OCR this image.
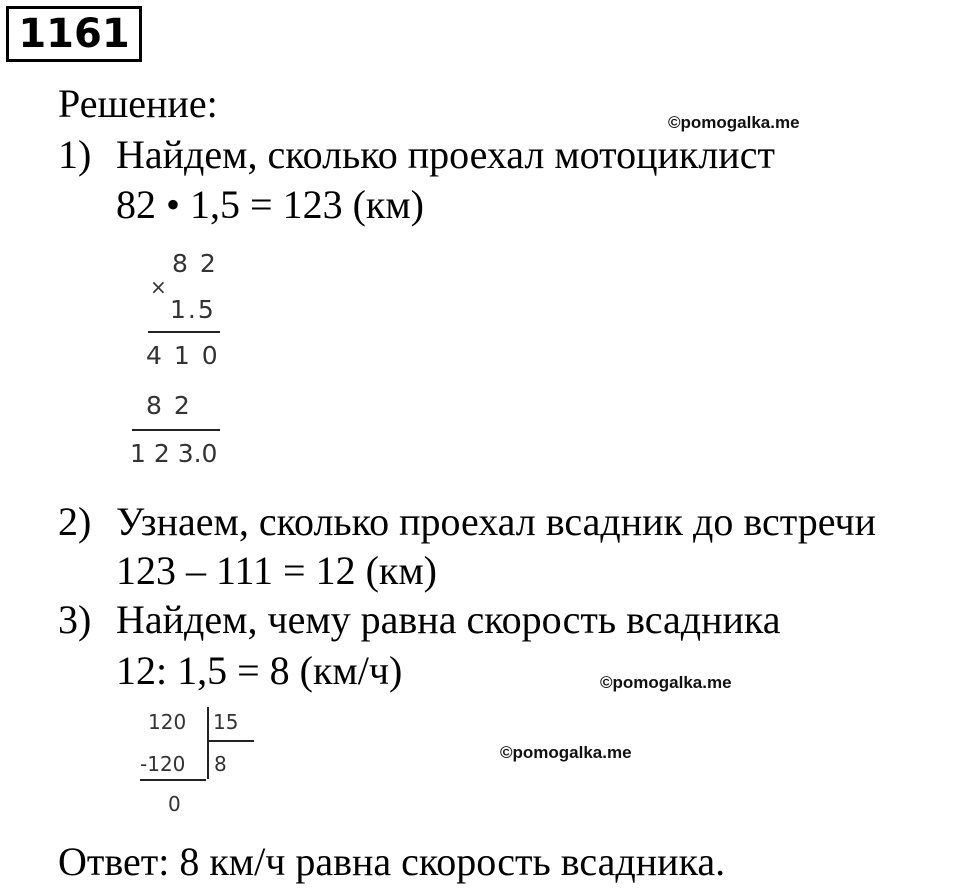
1161
Решение:	©pomogalka.me
1) Найдем, сколько проехал мотоциклист
82 • 1,5 = 123 (км)
×
8 2
1.5
4 1 0
8 2
1 2 3.0
2) Узнаем, сколько проехал всадник до встречи
123 – 111 = 12 (км)
3) Найдем, чему равна скорость всадника
12: 1,5 = 8 (км/ч)	©pomogalka.me
120 15
-120 8
0
©pomogalka.me
Ответ: 8 км/ч равна скорость всадника.
